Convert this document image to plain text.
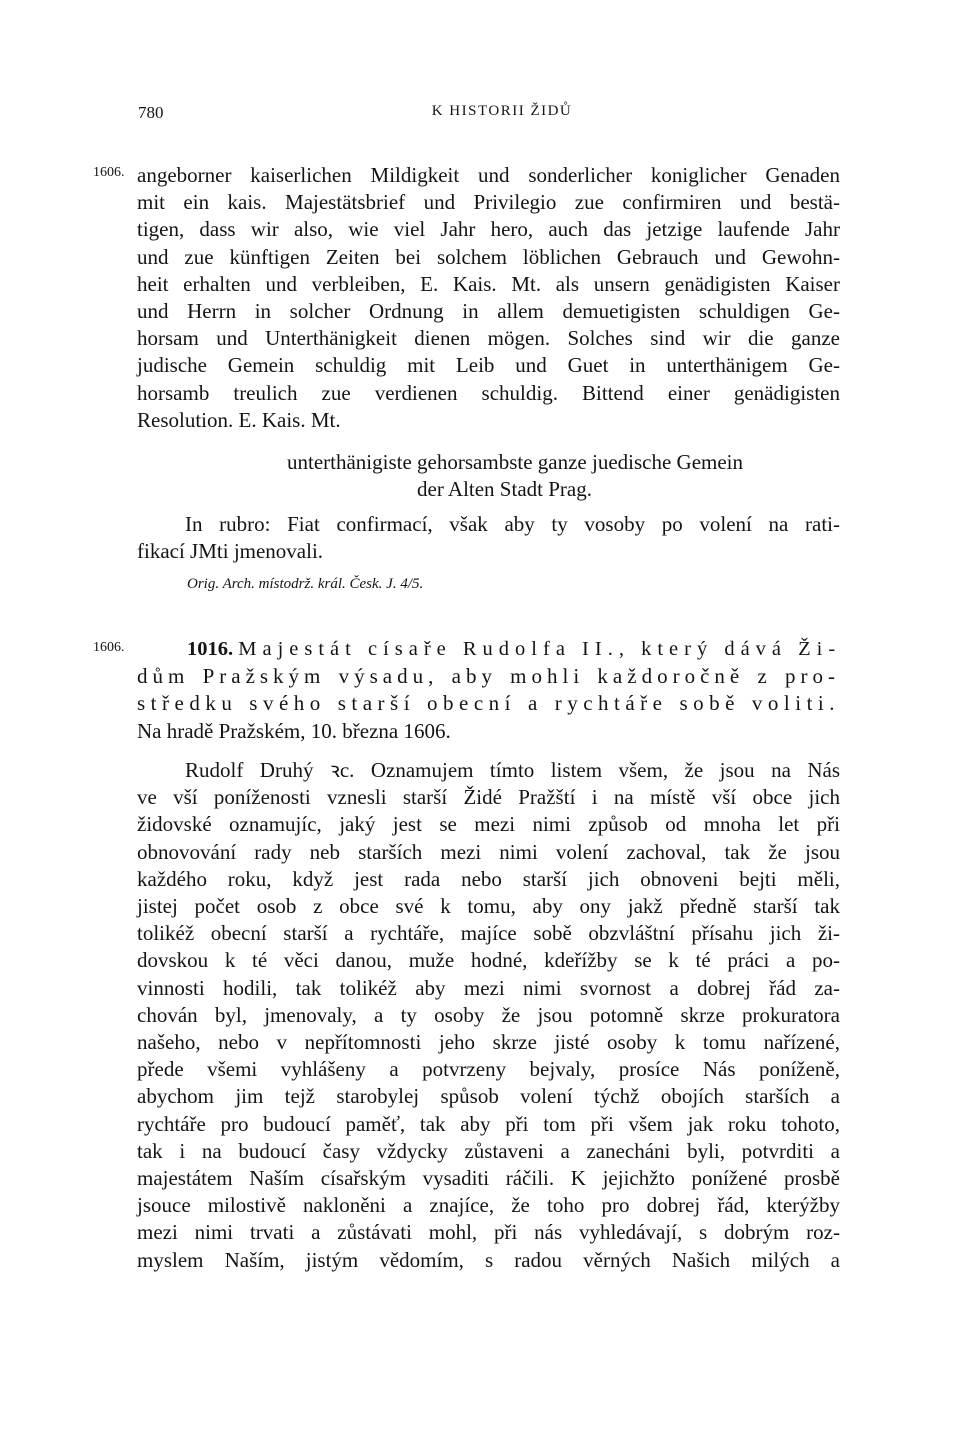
780	K HISTORII ŽIDŮ
1606. angeborner kaiserlichen Mildigkeit und sonderlicher koniglicher Genaden
mit ein kais. Majestätsbrief und Privilegio zue confirmiren und bestä-
tigen, dass wir also, wie viel Jahr hero, auch das jetzige laufende Jahr
und zue künftigen Zeiten bei solchem löblichen Gebrauch und Gewohn-
heit erhalten und verbleiben, E. Kais. Mt. als unsern genädigisten Kaiser
und Herrn in solcher Ordnung in allem demuetigisten schuldigen Ge-
horsam und Unterthänigkeit dienen mögen. Solches sind wir die ganze
judische Gemein schuldig mit Leib und Guet in unterthänigem Ge-
horsamb treulich zue verdienen schuldig. Bittend einer genädigisten
Resolution. E. Kais. Mt.
unterthänigiste gehorsambste ganze juedische Gemein
der Alten Stadt Prag.
In rubro: Fiat confirmací, však aby ty vosoby po volení na rati-
fikací JMti jmenovali.
Orig. Arch. místodrž. král. Česk. J. 4/5.
1606.	1016. Majestát císaře Rudolfa II., který dává Ži-
dům Pražským výsadu, aby mohli každoročně z pro-
středku svého starší obecní a rychtáře sobě voliti.
Na hradě Pražském, 10. března 1606.
Rudolf Druhý ꝛc. Oznamujem tímto listem všem, že jsou na Nás
ve vší poníženosti vznesli starší Židé Pražští i na místě vší obce jich
židovské oznamujíc, jaký jest se mezi nimi způsob od mnoha let při
obnovování rady neb starších mezi nimi volení zachoval, tak že jsou
každého roku, když jest rada nebo starší jich obnoveni bejti měli,
jistej počet osob z obce své k tomu, aby ony jakž předně starší tak
tolikéž obecní starší a rychtáře, majíce sobě obzvláštní přísahu jich ži-
dovskou k té věci danou, muže hodné, kdeřížby se k té práci a po-
vinnosti hodili, tak tolikéž aby mezi nimi svornost a dobrej řád za-
chován byl, jmenovaly, a ty osoby že jsou potomně skrze prokuratora
našeho, nebo v nepřítomnosti jeho skrze jisté osoby k tomu nařízené,
přede všemi vyhlášeny a potvrzeny bejvaly, prosíce Nás poníženě,
abychom jim tejž starobylej spůsob volení týchž obojích starších a
rychtáře pro budoucí paměť, tak aby při tom při všem jak roku tohoto,
tak i na budoucí časy vždycky zůstaveni a zanecháni byli, potvrditi a
majestátem Naším císařským vysaditi ráčili. K jejichžto ponížené prosbě
jsouce milostivě nakloněni a znajíce, že toho pro dobrej řád, kterýžby
mezi nimi trvati a zůstávati mohl, při nás vyhledávají, s dobrým roz-
myslem Naším, jistým vědomím, s radou věrných Našich milých a
